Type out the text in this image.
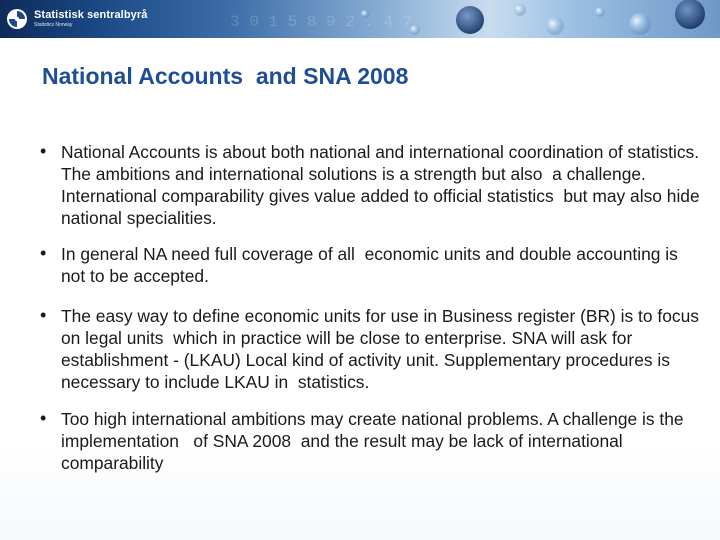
3 0 1 5 8 9 2 . 4 7
Statistisk sentralbyrå
Statistics Norway
National Accounts  and SNA 2008
• National Accounts is about both national and international coordination of statistics.  The ambitions and international solutions is a strength but also  a challenge. International comparability gives value added to official statistics  but may also hide national specialities.
• In general NA need full coverage of all  economic units and double accounting is not to be accepted.
• The easy way to define economic units for use in Business register (BR) is to focus on legal units  which in practice will be close to enterprise. SNA will ask for establishment - (LKAU) Local kind of activity unit. Supplementary procedures is necessary to include LKAU in  statistics.
• Too high international ambitions may create national problems. A challenge is the implementation   of SNA 2008  and the result may be lack of international comparability
